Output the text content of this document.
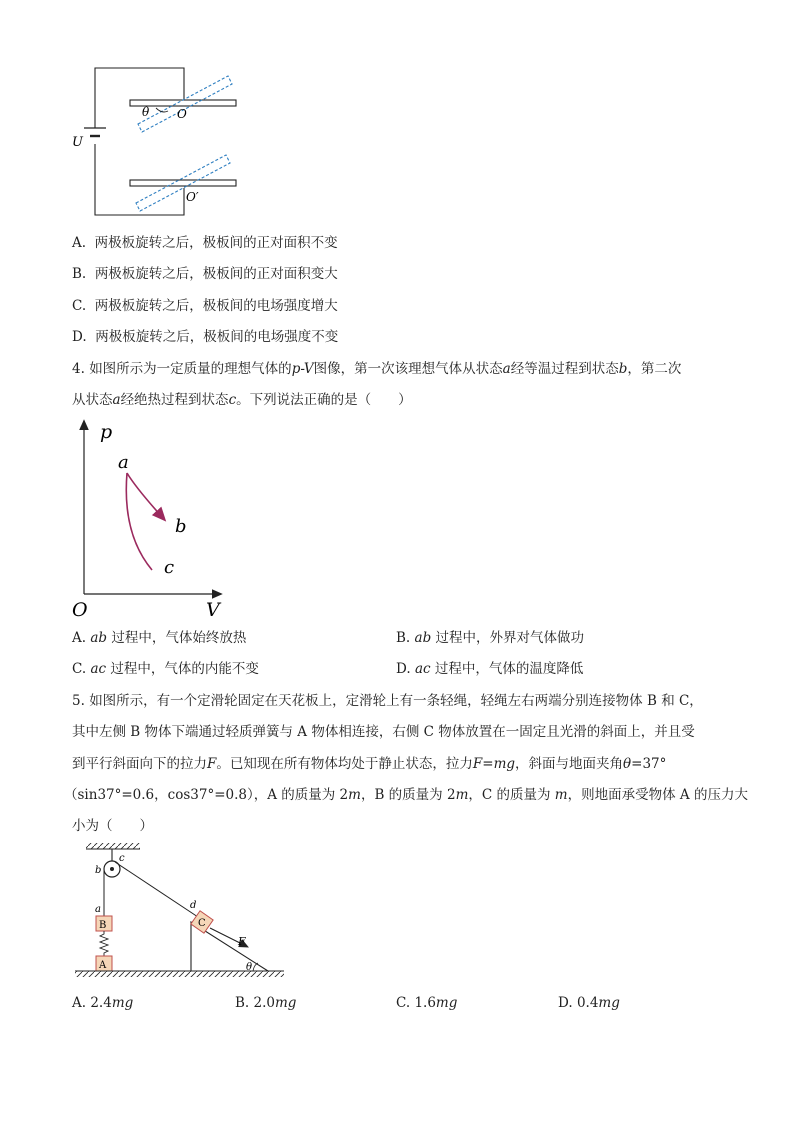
θ O
O′
U
A. 两极板旋转之后，极板间的正对面积不变
B. 两极板旋转之后，极板间的正对面积变大
C. 两极板旋转之后，极板间的电场强度增大
D. 两极板旋转之后，极板间的电场强度不变
4. 如图所示为一定质量的理想气体的p-V图像，第一次该理想气体从状态a经等温过程到状态b，第二次
从状态a经绝热过程到状态c。下列说法正确的是（　　）
p
V
O
a
b
c
A. ab 过程中，气体始终放热	B. ab 过程中，外界对气体做功
C. ac 过程中，气体的内能不变	D. ac 过程中，气体的温度降低
5. 如图所示，有一个定滑轮固定在天花板上，定滑轮上有一条轻绳，轻绳左右两端分别连接物体 B 和 C，
其中左侧 B 物体下端通过轻质弹簧与 A 物体相连接，右侧 C 物体放置在一固定且光滑的斜面上，并且受
到平行斜面向下的拉力F。已知现在所有物体均处于静止状态，拉力F=mg，斜面与地面夹角θ=37°
（sin37°=0.6，cos37°=0.8），A 的质量为 2m，B 的质量为 2m，C 的质量为 m，则地面承受物体 A 的压力大
小为（　　）
B
A
C
F
θ
c
b
a	d
A. 2.4mg	B. 2.0mg	C. 1.6mg	D. 0.4mg
